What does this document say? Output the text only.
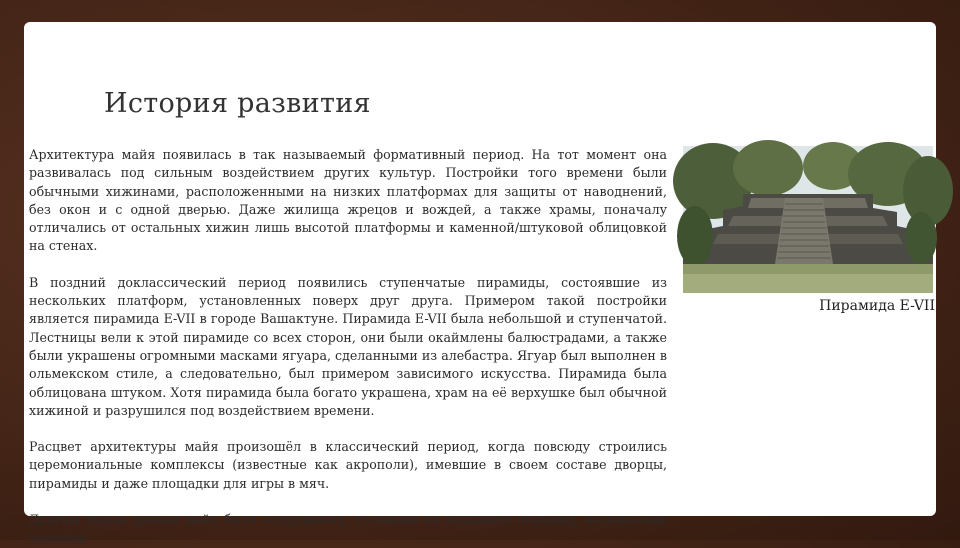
История развития

Архитектура майя появилась в так называемый формативный период. На тот момент она развивалась под сильным воздействием других культур. Постройки того времени были обычными хижинами, расположенными на низких платформах для защиты от наводнений, без окон и с одной дверью. Даже жилища жрецов и вождей, а также храмы, поначалу отличались от остальных хижин лишь высотой платформы и каменной/штуковой облицовкой на стенах.

В поздний доклассический период появились ступенчатые пирамиды, состоявшие из нескольких платформ, установленных поверх друг друга. Примером такой постройки является пирамида E-VII в городе Вашактуне. Пирамида E-VII была небольшой и ступенчатой. Лестницы вели к этой пирамиде со всех сторон, они были окаймлены балюстрадами, а также были украшены огромными масками ягуара, сделанными из алебастра. Ягуар был выполнен в ольмекском стиле, а следовательно, был примером зависимого искусства. Пирамида была облицована штуком. Хотя пирамида была богато украшена, храм на её верхушке был обычной хижиной и разрушился под воздействием времени.

Расцвет архитектуры майя произошёл в классический период, когда повсюду строились церемониальные комплексы (известные как акрополи), имевшие в своем составе дворцы, пирамиды и даже площадки для игры в мяч.

Другим типом храмов майя были сооружения, стоявшие на вершинах пирамид, называемые храмами

Пирамида E-VII
